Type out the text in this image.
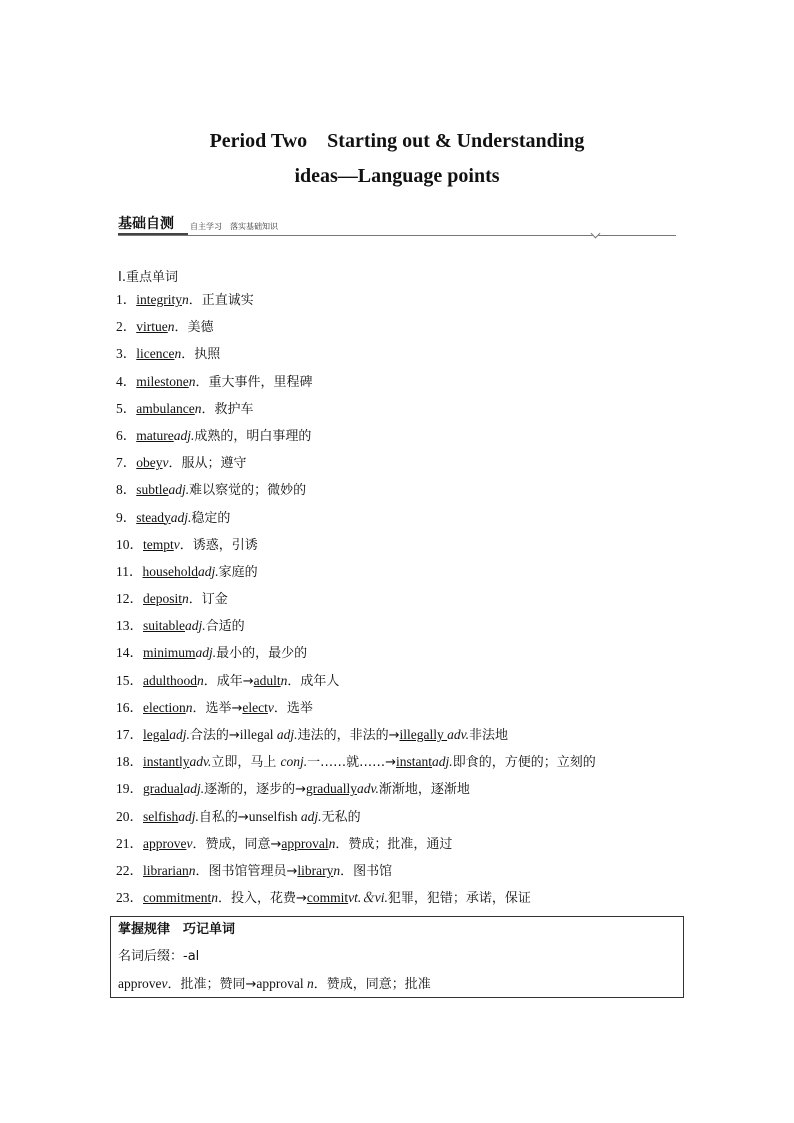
Period Two　Starting out & Understanding
ideas—Language points
基础自测 自主学习　落实基础知识
Ⅰ.重点单词
1．integrityn．正直诚实
2．virtuen．美德
3．licencen．执照
4．milestonen．重大事件，里程碑
5．ambulancen．救护车
6．matureadj.成熟的，明白事理的
7．obeyv．服从；遵守
8．subtleadj.难以察觉的；微妙的
9．steadyadj.稳定的
10．temptv．诱惑，引诱
11．householdadj.家庭的
12．depositn．订金
13．suitableadj.合适的
14．minimumadj.最小的，最少的
15．adulthoodn．成年→adultn．成年人
16．electionn．选举→electv．选举
17．legaladj.合法的→illegal adj.违法的，非法的→illegally adv.非法地
18．instantlyadv.立即，马上 conj.一……就……→instantadj.即食的，方便的；立刻的
19．gradualadj.逐渐的，逐步的→graduallyadv.渐渐地，逐渐地
20．selfishadj.自私的→unselfish adj.无私的
21．approvev．赞成，同意→approvaln．赞成；批准，通过
22．librariann．图书馆管理员→libraryn．图书馆
23．commitmentn．投入，花费→commitvt.＆vi.犯罪，犯错；承诺，保证
掌握规律　巧记单词
名词后缀：-al
approvev．批准；赞同→approval n．赞成，同意；批准
